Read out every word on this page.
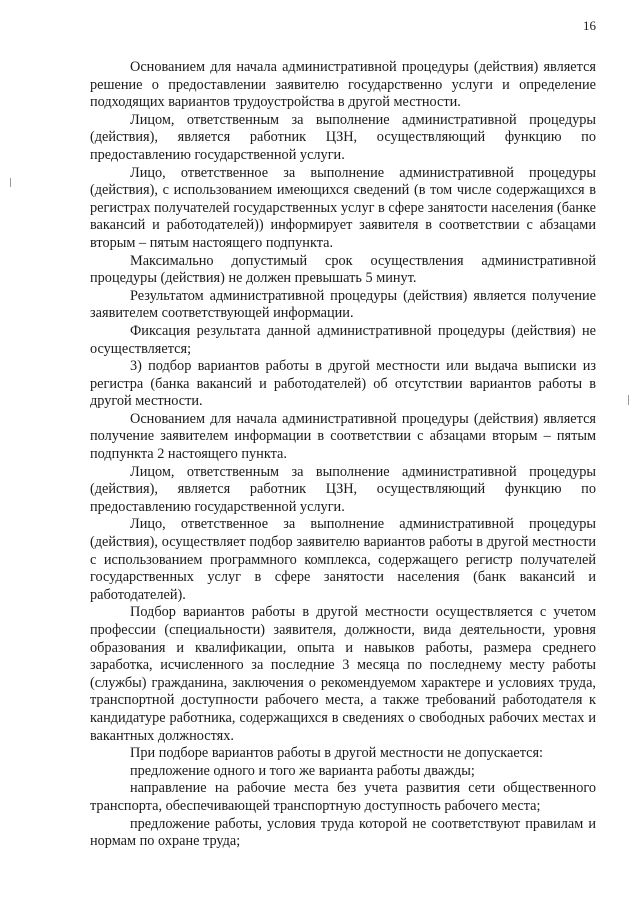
16

Основанием для начала административной процедуры (действия) является решение о предоставлении заявителю государственно услуги и определение подходящих вариантов трудоустройства в другой местности.

Лицом, ответственным за выполнение административной процедуры (действия), является работник ЦЗН, осуществляющий функцию по предоставлению государственной услуги.

Лицо, ответственное за выполнение административной процедуры (действия), с использованием имеющихся сведений (в том числе содержащихся в регистрах получателей государственных услуг в сфере занятости населения (банке вакансий и работодателей)) информирует заявителя в соответствии с абзацами вторым – пятым настоящего подпункта.

Максимально допустимый срок осуществления административной процедуры (действия) не должен превышать 5 минут.

Результатом административной процедуры (действия) является получение заявителем соответствующей информации.

Фиксация результата данной административной процедуры (действия) не осуществляется;

3) подбор вариантов работы в другой местности или выдача выписки из регистра (банка вакансий и работодателей) об отсутствии вариантов работы в другой местности.

Основанием для начала административной процедуры (действия) является получение заявителем информации в соответствии с абзацами вторым – пятым подпункта 2 настоящего пункта.

Лицом, ответственным за выполнение административной процедуры (действия), является работник ЦЗН, осуществляющий функцию по предоставлению государственной услуги.

Лицо, ответственное за выполнение административной процедуры (действия), осуществляет подбор заявителю вариантов работы в другой местности с использованием программного комплекса, содержащего регистр получателей государственных услуг в сфере занятости населения (банк вакансий и работодателей).

Подбор вариантов работы в другой местности осуществляется с учетом профессии (специальности) заявителя, должности, вида деятельности, уровня образования и квалификации, опыта и навыков работы, размера среднего заработка, исчисленного за последние 3 месяца по последнему месту работы (службы) гражданина, заключения о рекомендуемом характере и условиях труда, транспортной доступности рабочего места, а также требований работодателя к кандидатуре работника, содержащихся в сведениях о свободных рабочих местах и вакантных должностях.

При подборе вариантов работы в другой местности не допускается:

предложение одного и того же варианта работы дважды;

направление на рабочие места без учета развития сети общественного транспорта, обеспечивающей транспортную доступность рабочего места;

предложение работы, условия труда которой не соответствуют правилам и нормам по охране труда;
